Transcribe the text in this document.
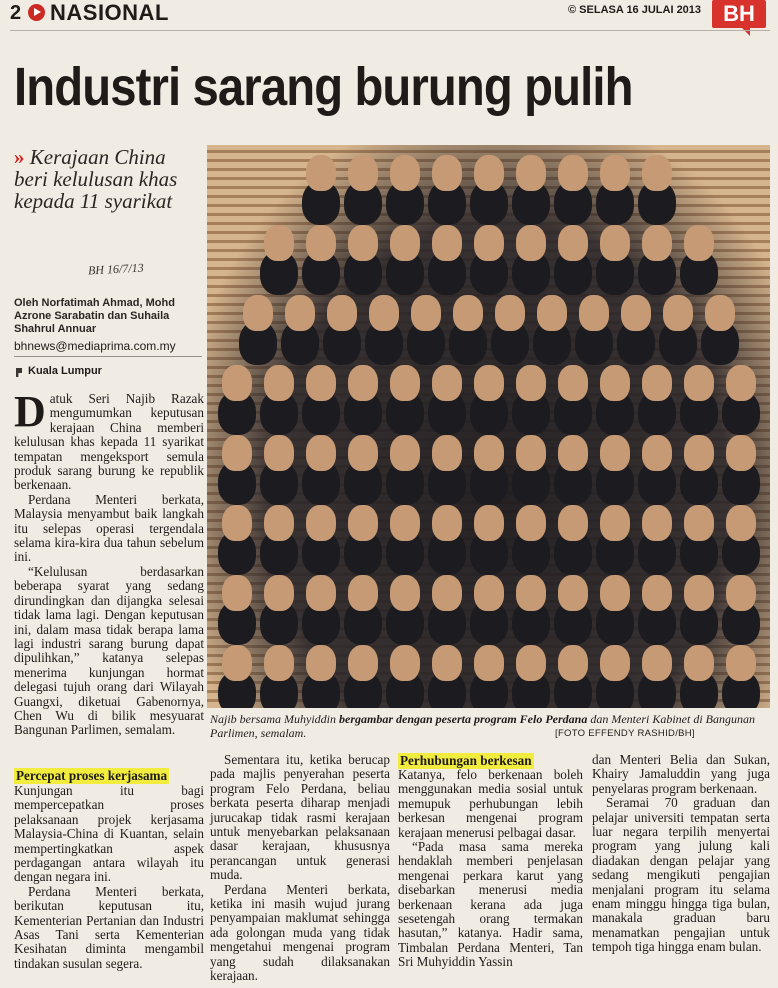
2 NASIONAL	© SELASA 16 JULAI 2013	BH
Industri sarang burung pulih
» Kerajaan China beri kelulusan khas kepada 11 syarikat
BH 16/7/13
Oleh Norfatimah Ahmad, Mohd Azrone Sarabatin dan Suhaila Shahrul Annuar
bhnews@mediaprima.com.my
Kuala Lumpur

Datuk Seri Najib Razak mengumumkan keputusan kerajaan China memberi kelulusan khas kepada 11 syarikat tempatan mengeksport semula produk sarang burung ke republik berkenaan.

Perdana Menteri berkata, Malaysia menyambut baik langkah itu selepas operasi tergendala selama kira-kira dua tahun sebelum ini.

“Kelulusan berdasarkan beberapa syarat yang sedang dirundingkan dan dijangka selesai tidak lama lagi. Dengan keputusan ini, dalam masa tidak berapa lama lagi industri sarang burung dapat dipulihkan,” katanya selepas menerima kunjungan hormat delegasi tujuh orang dari Wilayah Guangxi, diketuai Gabenornya, Chen Wu di bilik mesyuarat Bangunan Parlimen, semalam.

Percepat proses kerjasama

Kunjungan itu bagi mempercepatkan proses pelaksanaan projek kerjasama Malaysia-China di Kuantan, selain mempertingkatkan aspek perdagangan antara wilayah itu dengan negara ini.

Perdana Menteri berkata, berikutan keputusan itu, Kementerian Pertanian dan Industri Asas Tani serta Kementerian Kesihatan diminta mengambil tindakan susulan segera.

Najib bersama Muhyiddin bergambar dengan peserta program Felo Perdana dan Menteri Kabinet di Bangunan Parlimen, semalam.	[FOTO EFFENDY RASHID/BH]

Sementara itu, ketika berucap pada majlis penyerahan peserta program Felo Perdana, beliau berkata peserta diharap menjadi jurucakap tidak rasmi kerajaan untuk menyebarkan pelaksanaan dasar kerajaan, khususnya perancangan untuk generasi muda.

Perdana Menteri berkata, ketika ini masih wujud jurang penyampaian maklumat sehingga ada golongan muda yang tidak mengetahui mengenai program yang sudah dilaksanakan kerajaan.

Perhubungan berkesan

Katanya, felo berkenaan boleh menggunakan media sosial untuk memupuk perhubungan lebih berkesan mengenai program kerajaan menerusi pelbagai dasar.

“Pada masa sama mereka hendaklah memberi penjelasan mengenai perkara karut yang disebarkan menerusi media berkenaan kerana ada juga sesetengah orang termakan hasutan,” katanya. Hadir sama, Timbalan Perdana Menteri, Tan Sri Muhyiddin Yassin

dan Menteri Belia dan Sukan, Khairy Jamaluddin yang juga penyelaras program berkenaan.

Seramai 70 graduan dan pelajar universiti tempatan serta luar negara terpilih menyertai program yang julung kali diadakan dengan pelajar yang sedang mengikuti pengajian menjalani program itu selama enam minggu hingga tiga bulan, manakala graduan baru menamatkan pengajian untuk tempoh tiga hingga enam bulan.
